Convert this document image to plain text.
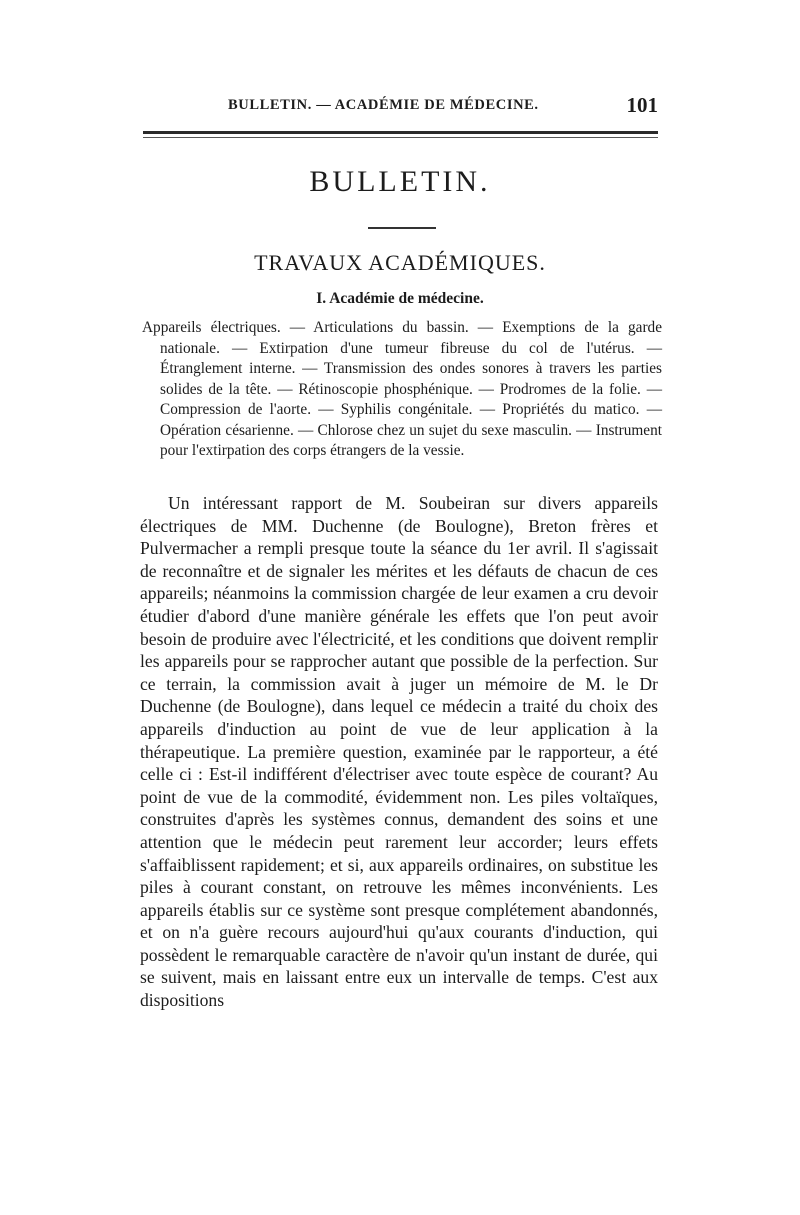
BULLETIN. — ACADÉMIE DE MÉDECINE.	101
BULLETIN.
TRAVAUX ACADÉMIQUES.
I. Académie de médecine.
Appareils électriques. — Articulations du bassin. — Exemptions de la garde nationale. — Extirpation d'une tumeur fibreuse du col de l'utérus. — Étranglement interne. — Transmission des ondes sonores à travers les parties solides de la tête. — Rétinoscopie phosphénique. — Prodromes de la folie. — Compression de l'aorte. — Syphilis congénitale. — Propriétés du matico. — Opération césarienne. — Chlorose chez un sujet du sexe masculin. — Instrument pour l'extirpation des corps étrangers de la vessie.
Un intéressant rapport de M. Soubeiran sur divers appareils électriques de MM. Duchenne (de Boulogne), Breton frères et Pulvermacher a rempli presque toute la séance du 1er avril. Il s'agissait de reconnaître et de signaler les mérites et les défauts de chacun de ces appareils; néanmoins la commission chargée de leur examen a cru devoir étudier d'abord d'une manière générale les effets que l'on peut avoir besoin de produire avec l'électricité, et les conditions que doivent remplir les appareils pour se rapprocher autant que possible de la perfection. Sur ce terrain, la commission avait à juger un mémoire de M. le Dr Duchenne (de Boulogne), dans lequel ce médecin a traité du choix des appareils d'induction au point de vue de leur application à la thérapeutique. La première question, examinée par le rapporteur, a été celle ci : Est-il indifférent d'électriser avec toute espèce de courant? Au point de vue de la commodité, évidemment non. Les piles voltaïques, construites d'après les systèmes connus, demandent des soins et une attention que le médecin peut rarement leur accorder; leurs effets s'affaiblissent rapidement; et si, aux appareils ordinaires, on substitue les piles à courant constant, on retrouve les mêmes inconvénients. Les appareils établis sur ce système sont presque complétement abandonnés, et on n'a guère recours aujourd'hui qu'aux courants d'induction, qui possèdent le remarquable caractère de n'avoir qu'un instant de durée, qui se suivent, mais en laissant entre eux un intervalle de temps. C'est aux dispositions
